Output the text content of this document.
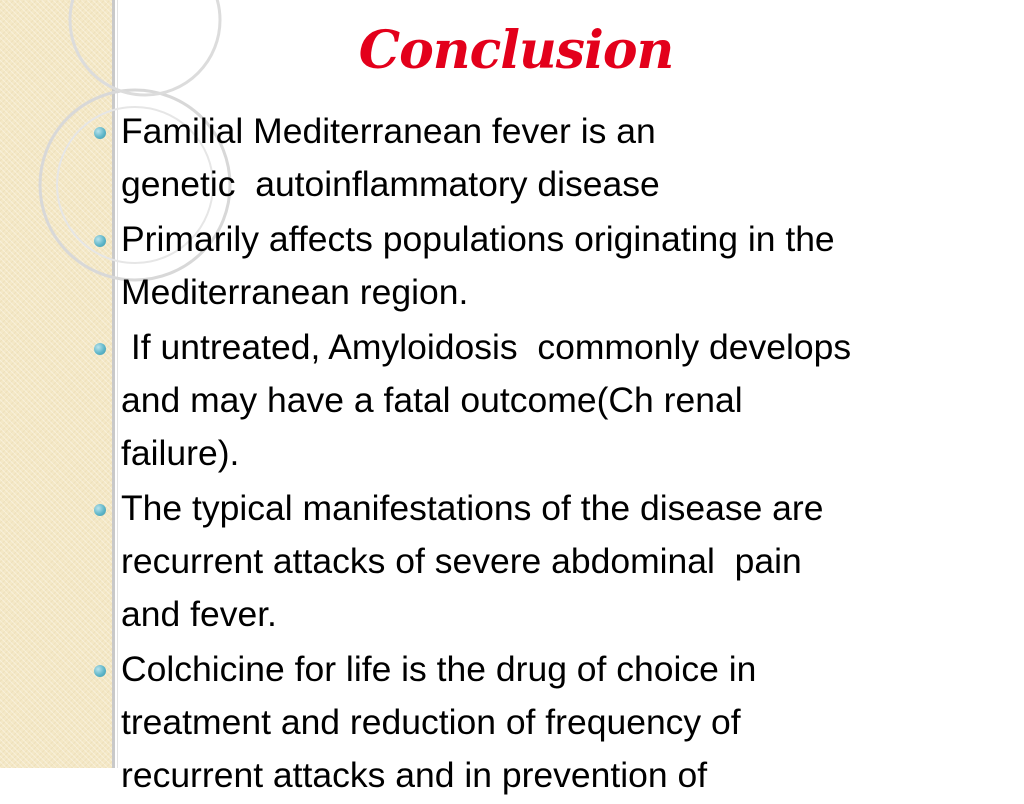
Conclusion
Familial Mediterranean fever is an
genetic  autoinflammatory disease
Primarily affects populations originating in the
Mediterranean region.
If untreated, Amyloidosis  commonly develops
and may have a fatal outcome(Ch renal
failure).
The typical manifestations of the disease are
recurrent attacks of severe abdominal  pain
and fever.
Colchicine for life is the drug of choice in
treatment and reduction of frequency of
recurrent attacks and in prevention of
